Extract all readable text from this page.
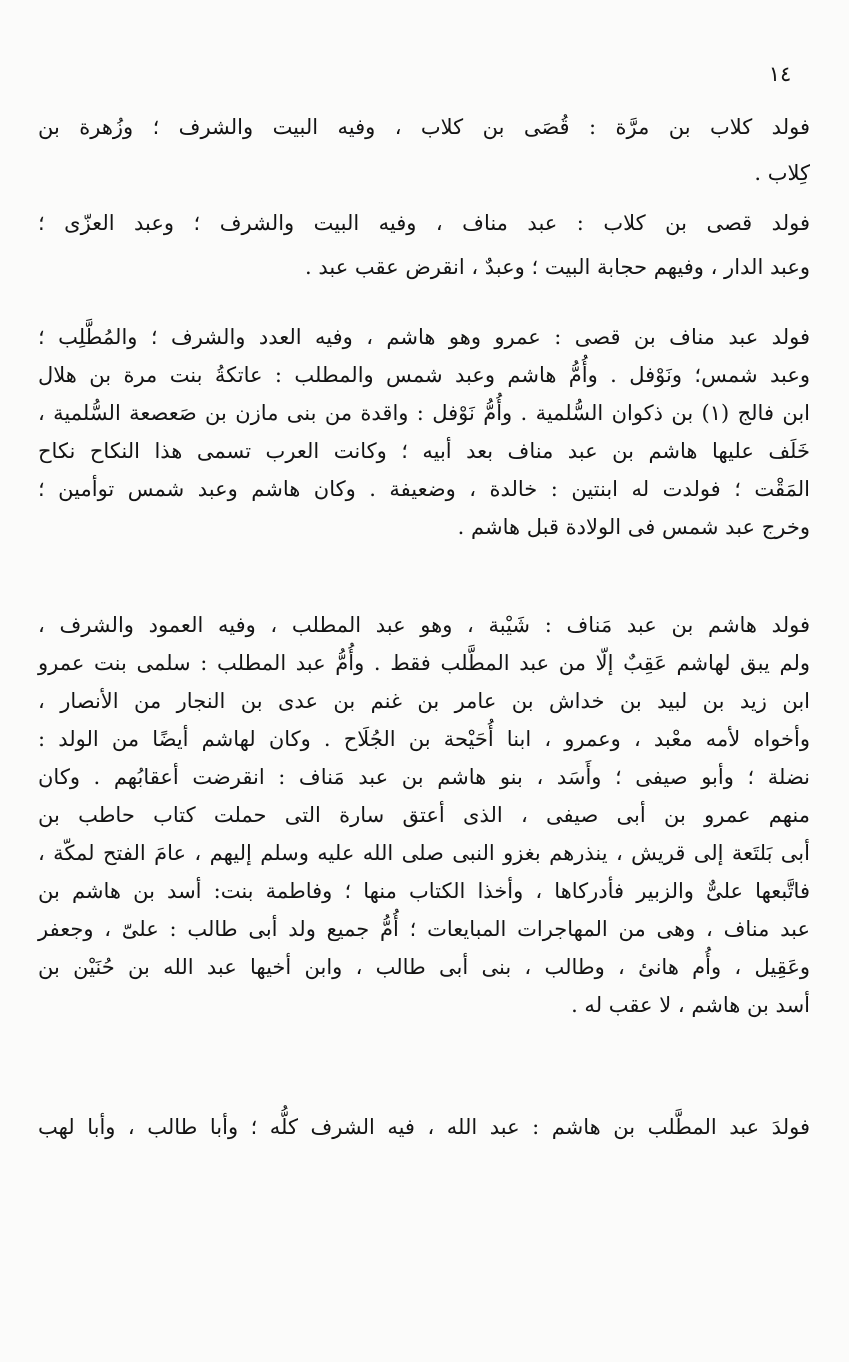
١٤
فولد كلاب بن مرَّة : قُصَى بن كلاب ، وفيه البيت والشرف ؛ وزُهرة بن
كِلاب .
فولد قصى بن كلاب : عبد مناف ، وفيه البيت والشرف ؛ وعبد العزّى ؛
وعبد الدار ، وفيهم حجابة البيت ؛ وعبدٌ ، انقرض عقب عبد .
فولد عبد مناف بن قصى : عمرو وهو هاشم ، وفيه العدد والشرف ؛ والمُطَّلِب ؛
وعبد شمس؛ ونَوْفل . وأُمُّ هاشم وعبد شمس والمطلب : عاتكةُ بنت مرة بن هلال
ابن فالج (١) بن ذكوان السُّلمية . وأُمُّ نَوْفل : واقدة من بنى مازن بن صَعصعة السُّلمية ،
خَلَف عليها هاشم بن عبد مناف بعد أبيه ؛ وكانت العرب تسمى هذا النكاح نكاح
المَقْت ؛ فولدت له ابنتين : خالدة ، وضعيفة . وكان هاشم وعبد شمس توأمين ؛
وخرج عبد شمس فى الولادة قبل هاشم .
فولد هاشم بن عبد مَناف : شَيْبة ، وهو عبد المطلب ، وفيه العمود والشرف ،
ولم يبق لهاشم عَقِبٌ إلّا من عبد المطَّلب فقط . وأُمُّ عبد المطلب : سلمى بنت عمرو
ابن زيد بن لبيد بن خداش بن عامر بن غنم بن عدى بن النجار من الأنصار ،
وأخواه لأمه معْبد ، وعمرو ، ابنا أُحَيْحة بن الجُلَاح . وكان لهاشم أيضًا من الولد :
نضلة ؛ وأبو صيفى ؛ وأَسَد ، بنو هاشم بن عبد مَناف : انقرضت أعقابُهم . وكان
منهم عمرو بن أبى صيفى ، الذى أعتق سارة التى حملت كتاب حاطب بن
أبى بَلتَعة إلى قريش ، ينذرهم بغزو النبى صلى الله عليه وسلم إليهم ، عامَ الفتح لمكّة ،
فاتَّبعها علىٌّ والزبير فأدركاها ، وأخذا الكتاب منها ؛ وفاطمة بنت: أسد بن هاشم بن
عبد مناف ، وهى من المهاجرات المبايعات ؛ أُمُّ جميع ولد أبى طالب : علىّ ، وجعفر
وعَقِيل ، وأُم هانئ ، وطالب ، بنى أبى طالب ، وابن أخيها عبد الله بن حُنَيْن بن
أسد بن هاشم ، لا عقب له .
فولدَ عبد المطَّلب بن هاشم : عبد الله ، فيه الشرف كلُّه ؛ وأبا طالب ، وأبا لهب
